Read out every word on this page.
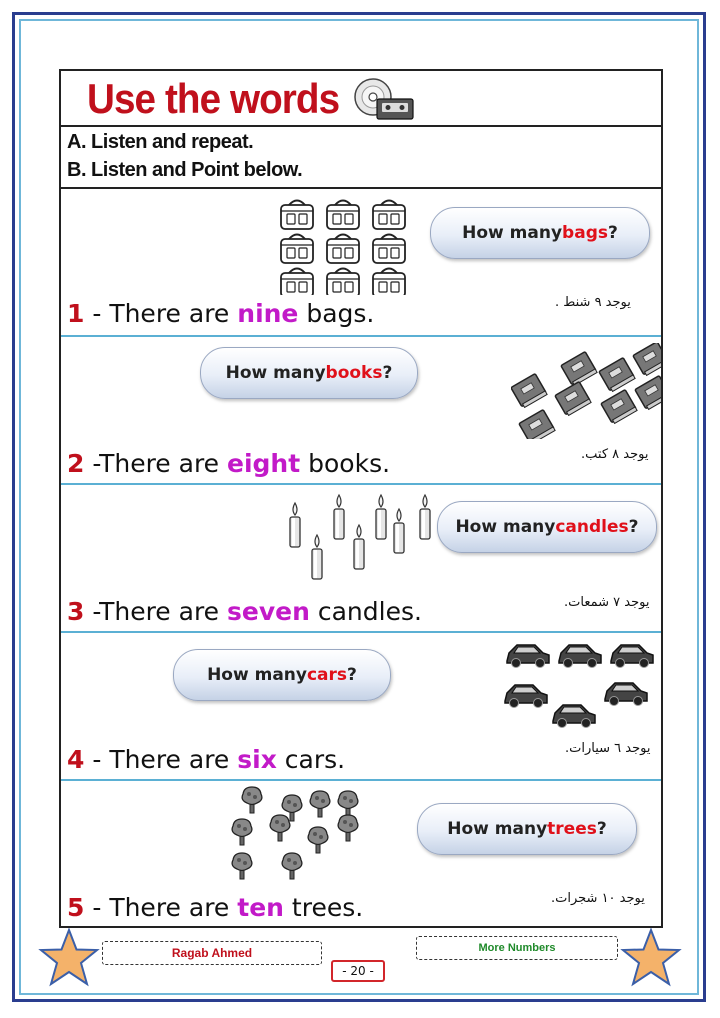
Use the words
A. Listen and repeat.
B. Listen and Point below.
How many bags ?
يوجد ٩ شنط .
1 - There are nine bags.
How many books ?
يوجد ٨ كتب.
2 -There are eight books.
How many candles ?
يوجد ٧ شمعات.
3 -There are seven candles.
How many cars ?
يوجد ٦ سيارات.
4 - There are six cars.
How many trees ?
يوجد ١٠ شجرات.
5 - There are ten trees.
Ragab Ahmed	More Numbers
- 20 -
